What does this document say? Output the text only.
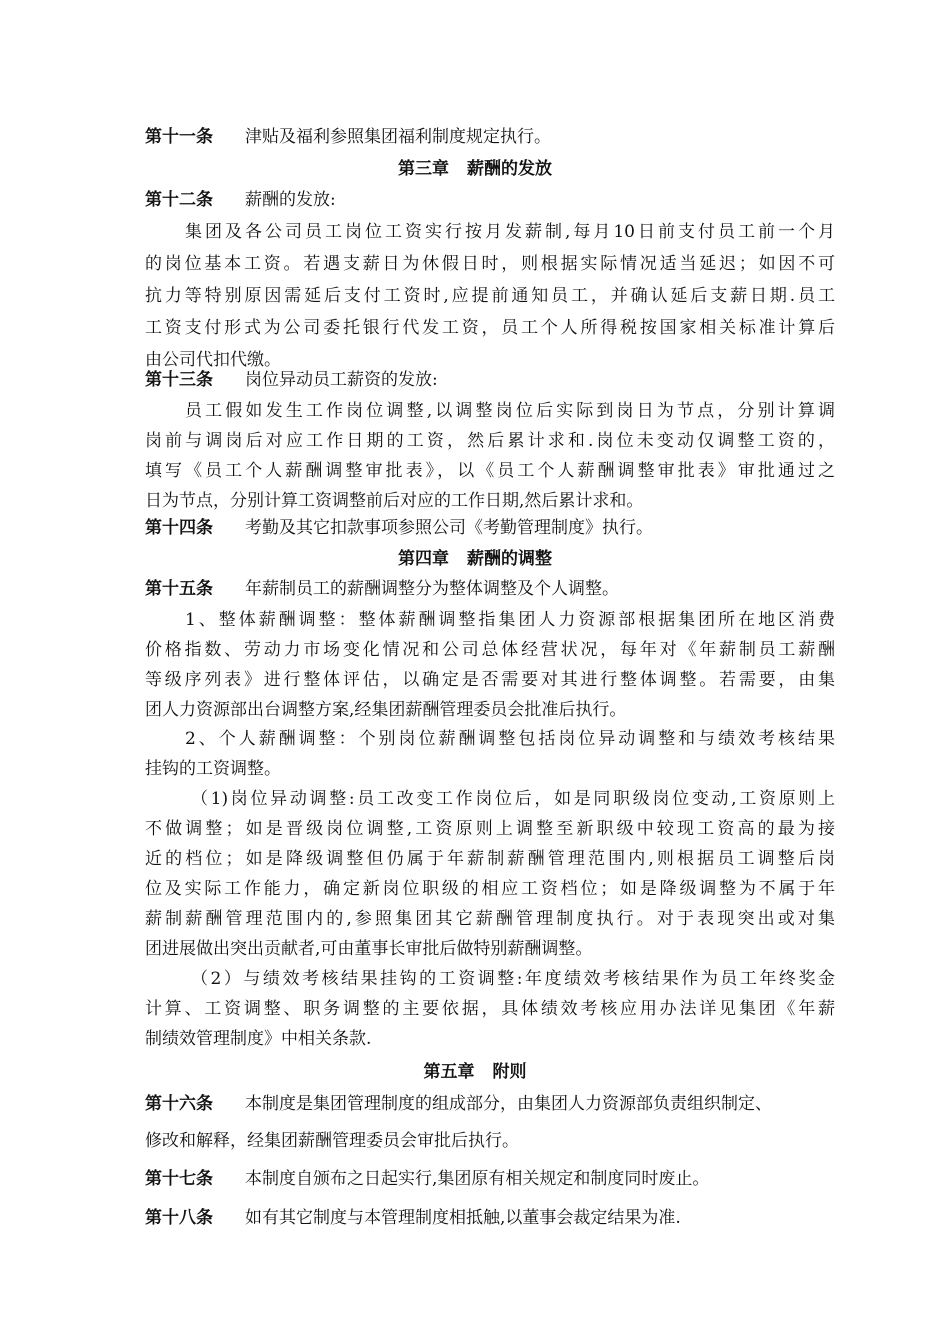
第十一条 津贴及福利参照集团福利制度规定执行。
第三章 薪酬的发放
第十二条 薪酬的发放:
集团及各公司员工岗位工资实行按月发薪制,每月10日前支付员工前一个月
的岗位基本工资。若遇支薪日为休假日时，则根据实际情况适当延迟；如因不可
抗力等特别原因需延后支付工资时,应提前通知员工，并确认延后支薪日期.员工
工资支付形式为公司委托银行代发工资，员工个人所得税按国家相关标准计算后
由公司代扣代缴。
第十三条 岗位异动员工薪资的发放:
员工假如发生工作岗位调整,以调整岗位后实际到岗日为节点，分别计算调
岗前与调岗后对应工作日期的工资，然后累计求和.岗位未变动仅调整工资的，
填写《员工个人薪酬调整审批表》，以《员工个人薪酬调整审批表》审批通过之
日为节点，分别计算工资调整前后对应的工作日期,然后累计求和。
第十四条 考勤及其它扣款事项参照公司《考勤管理制度》执行。
第四章 薪酬的调整
第十五条 年薪制员工的薪酬调整分为整体调整及个人调整。
1、整体薪酬调整：整体薪酬调整指集团人力资源部根据集团所在地区消费
价格指数、劳动力市场变化情况和公司总体经营状况，每年对《年薪制员工薪酬
等级序列表》进行整体评估，以确定是否需要对其进行整体调整。若需要，由集
团人力资源部出台调整方案,经集团薪酬管理委员会批准后执行。
2、个人薪酬调整：个别岗位薪酬调整包括岗位异动调整和与绩效考核结果
挂钩的工资调整。
（1)岗位异动调整:员工改变工作岗位后，如是同职级岗位变动,工资原则上
不做调整；如是晋级岗位调整,工资原则上调整至新职级中较现工资高的最为接
近的档位；如是降级调整但仍属于年薪制薪酬管理范围内,则根据员工调整后岗
位及实际工作能力，确定新岗位职级的相应工资档位；如是降级调整为不属于年
薪制薪酬管理范围内的,参照集团其它薪酬管理制度执行。对于表现突出或对集
团进展做出突出贡献者,可由董事长审批后做特别薪酬调整。
（2）与绩效考核结果挂钩的工资调整:年度绩效考核结果作为员工年终奖金
计算、工资调整、职务调整的主要依据，具体绩效考核应用办法详见集团《年薪
制绩效管理制度》中相关条款.
第五章 附则
第十六条 本制度是集团管理制度的组成部分，由集团人力资源部负责组织制定、
修改和解释，经集团薪酬管理委员会审批后执行。
第十七条 本制度自颁布之日起实行,集团原有相关规定和制度同时废止。
第十八条 如有其它制度与本管理制度相抵触,以董事会裁定结果为准.
